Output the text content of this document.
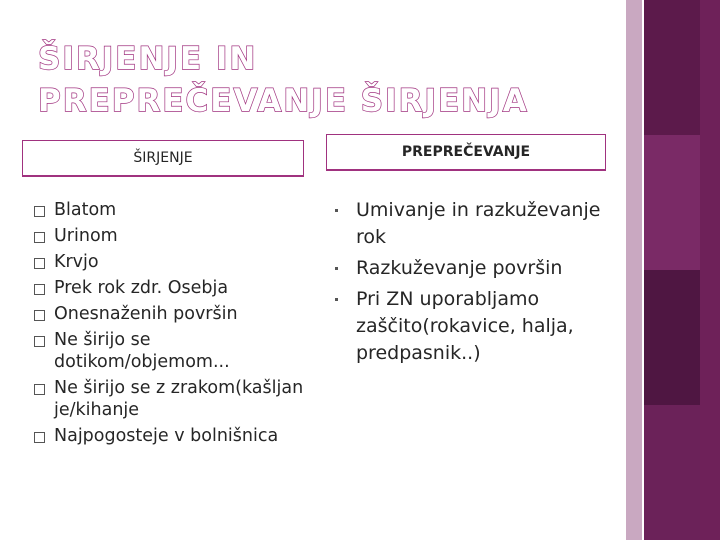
ŠIRJENJE IN PREPREČEVANJE ŠIRJENJA
ŠIRJENJE	PREPREČEVANJE
Blatom
Urinom
Krvjo
Prek rok zdr. Osebja
Onesnaženih površin
Ne širijo se dotikom/objemom...
Ne širijo se z zrakom(kašljanje/kihanje
Najpogosteje v bolnišnica
Umivanje in razkuževanje rok
Razkuževanje površin
Pri ZN uporabljamo zaščito(rokavice, halja, predpasnik..)
